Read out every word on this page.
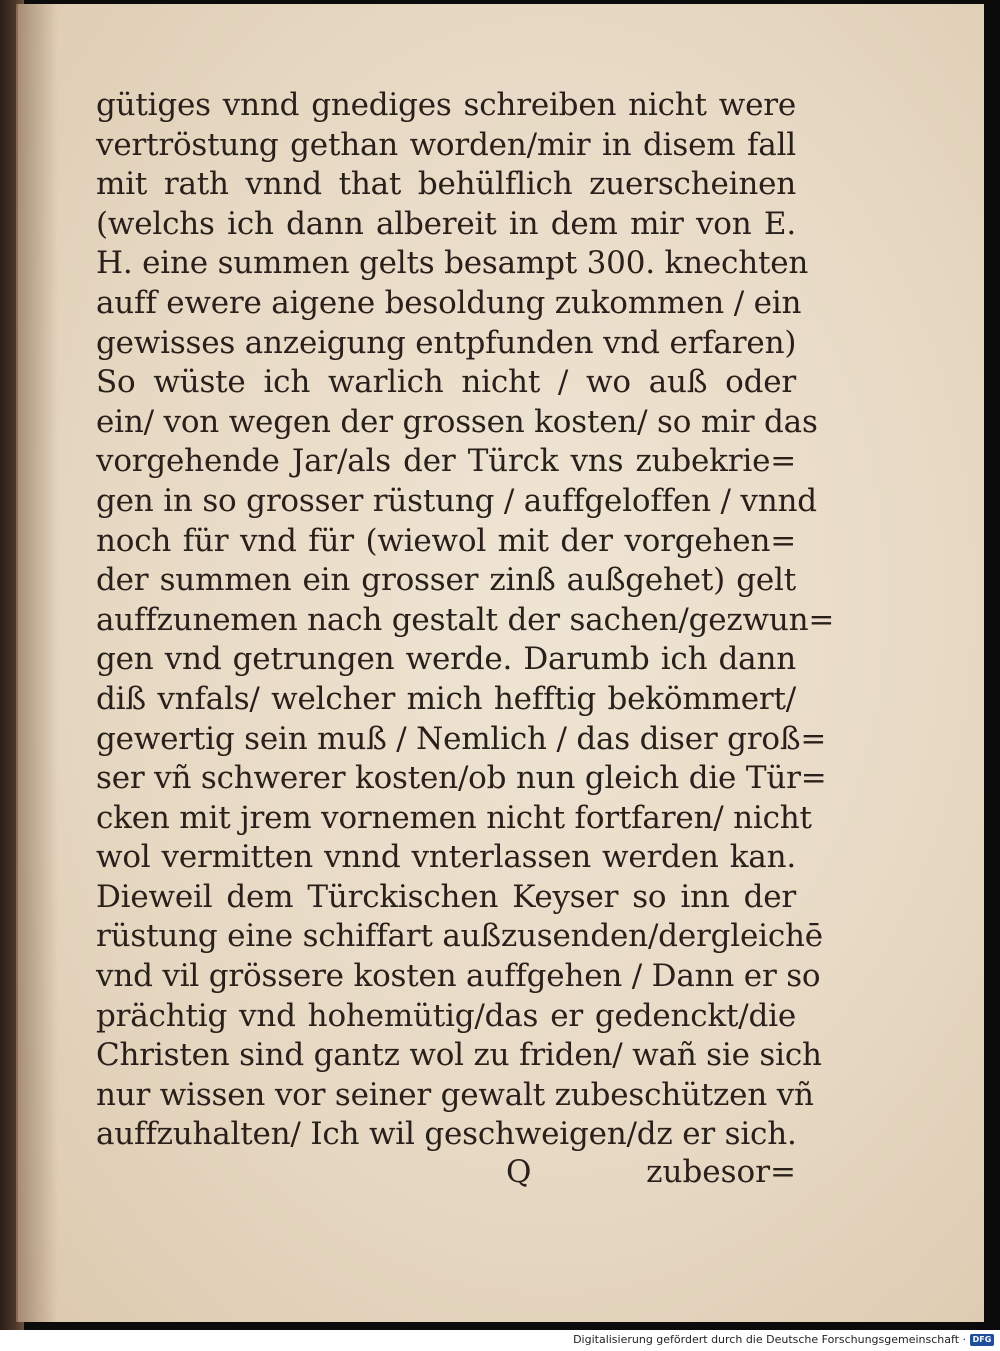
gütiges vnnd gnediges schreiben nicht were
vertröstung gethan worden/mir in disem fall
mit rath vnnd that behülflich zuerscheinen
(welchs ich dann albereit in dem mir von E.
H. eine summen gelts besampt 300. knechten
auff ewere aigene besoldung zukommen / ein
gewisses anzeigung entpfunden vnd erfaren)
So wüste ich warlich nicht / wo auß oder
ein/ von wegen der grossen kosten/ so mir das
vorgehende Jar/als der Türck vns zubekrie=
gen in so grosser rüstung / auffgeloffen / vnnd
noch für vnd für (wiewol mit der vorgehen=
der summen ein grosser zinß außgehet) gelt
auffzunemen nach gestalt der sachen/gezwun=
gen vnd getrungen werde. Darumb ich dann
diß vnfals/ welcher mich hefftig bekömmert/
gewertig sein muß / Nemlich / das diser groß=
ser vñ schwerer kosten/ob nun gleich die Tür=
cken mit jrem vornemen nicht fortfaren/ nicht
wol vermitten vnnd vnterlassen werden kan.
Dieweil dem Türckischen Keyser so inn der
rüstung eine schiffart außzusenden/dergleichē
vnd vil grössere kosten auffgehen / Dann er so
prächtig vnd hohemütig/das er gedenckt/die
Christen sind gantz wol zu friden/ wañ sie sich
nur wissen vor seiner gewalt zubeschützen vñ
auffzuhalten/ Ich wil geschweigen/dz er sich.
Q	zubesor=
Digitalisierung gefördert durch die Deutsche Forschungsgemeinschaft · DFG
